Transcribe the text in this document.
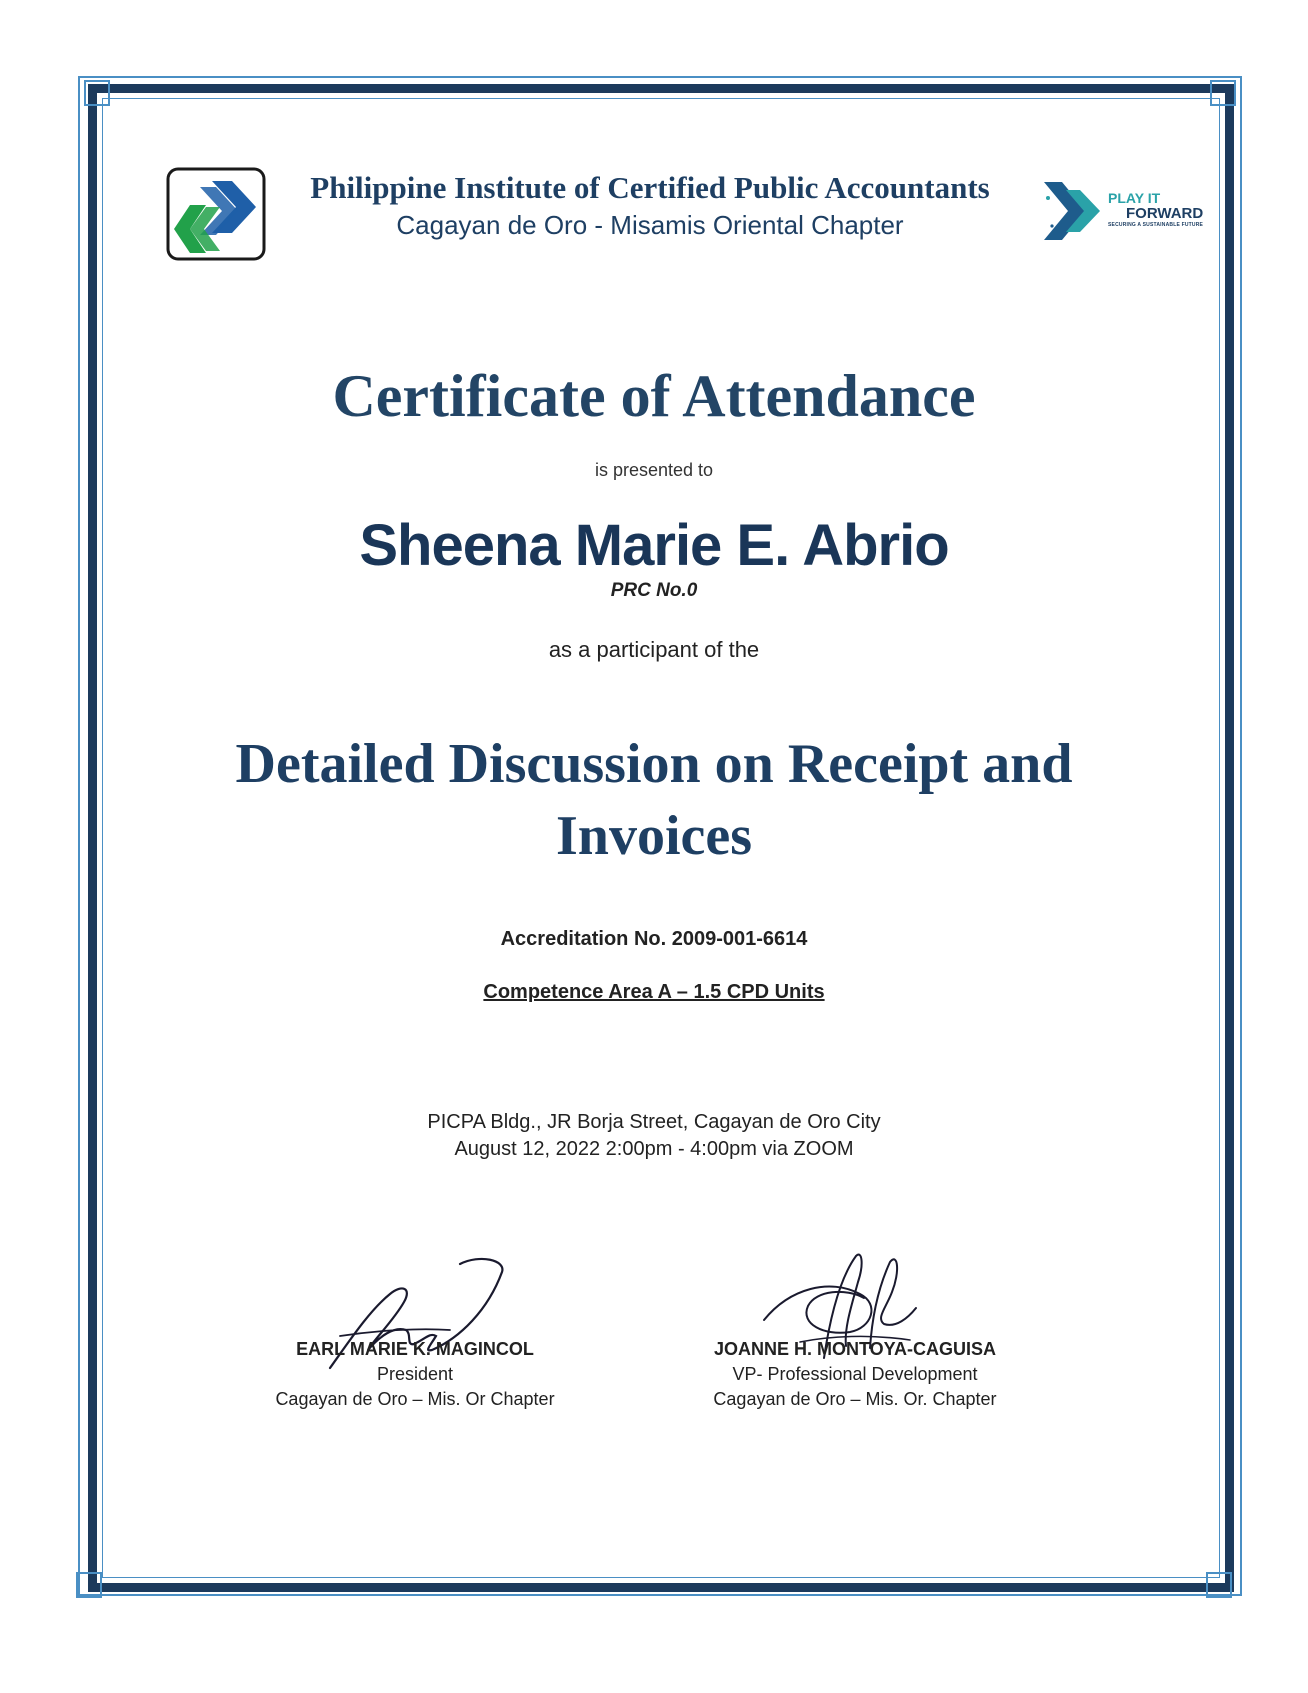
Philippine Institute of Certified Public Accountants
Cagayan de Oro - Misamis Oriental Chapter
PLAY IT
FORWARD
SECURING A SUSTAINABLE FUTURE
Certificate of Attendance
is presented to
Sheena Marie E. Abrio
PRC No.0
as a participant of the
Detailed Discussion on Receipt and Invoices
Accreditation No. 2009-001-6614
Competence Area A – 1.5 CPD Units
PICPA Bldg., JR Borja Street, Cagayan de Oro City
August 12, 2022 2:00pm - 4:00pm via ZOOM
EARL MARIE K. MAGINCOL
President
Cagayan de Oro – Mis. Or Chapter
JOANNE H. MONTOYA-CAGUISA
VP- Professional Development
Cagayan de Oro – Mis. Or. Chapter
